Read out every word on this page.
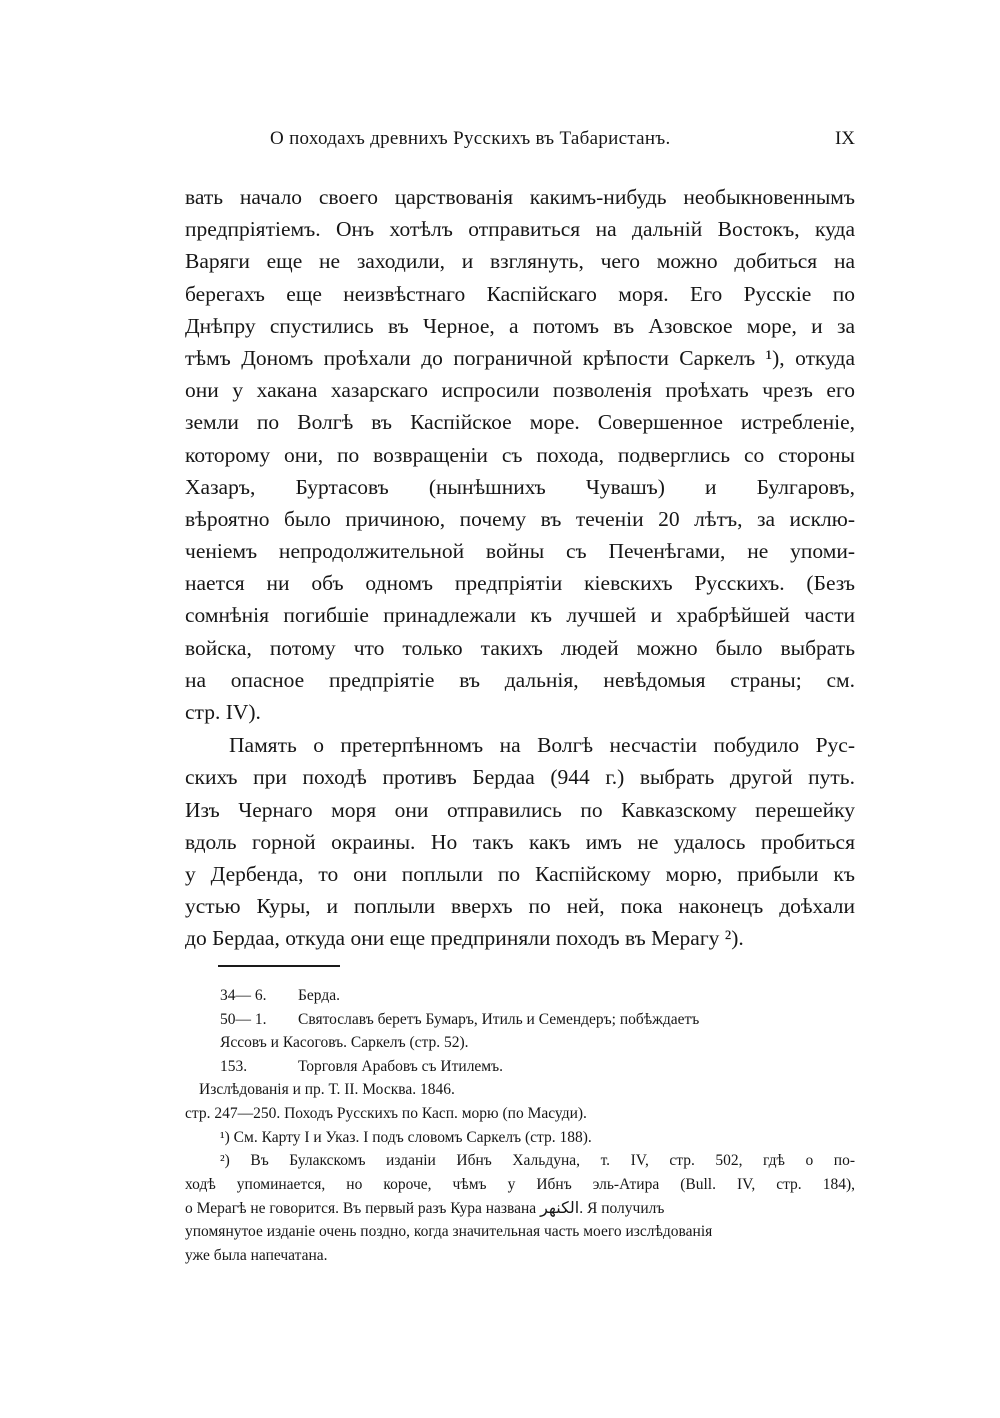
О походахъ древнихъ Русскихъ въ Табаристанъ.	IX
вать начало своего царствованія какимъ-нибудь необыкновеннымъ
предпріятіемъ. Онъ хотѣлъ отправиться на дальній Востокъ, куда
Варяги еще не заходили, и взглянуть, чего можно добиться на
берегахъ еще неизвѣстнаго Каспійскаго моря. Его Русскіе по
Днѣпру спустились въ Черное, а потомъ въ Азовское море, и за
тѣмъ Дономъ проѣхали до пограничной крѣпости Саркелъ ¹), откуда
они у хакана хазарскаго испросили позволенія проѣхать чрезъ его
земли по Волгѣ въ Каспійское море. Совершенное истребленіе,
которому они, по возвращеніи съ похода, подверглись со стороны
Хазаръ, Буртасовъ (нынѣшнихъ Чувашъ) и Булгаровъ,
вѣроятно было причиною, почему въ теченіи 20 лѣтъ, за исклю-
ченіемъ непродолжительной войны съ Печенѣгами, не упоми-
нается ни объ одномъ предпріятіи кіевскихъ Русскихъ. (Безъ
сомнѣнія погибшіе принадлежали къ лучшей и храбрѣйшей части
войска, потому что только такихъ людей можно было выбрать
на опасное предпріятіе въ дальнія, невѣдомыя страны; см.
стр. IV).
Память о претерпѣнномъ на Волгѣ несчастіи побудило Рус-
скихъ при походѣ противъ Бердаа (944 г.) выбрать другой путь.
Изъ Чернаго моря они отправились по Кавказскому перешейку
вдоль горной окраины. Но такъ какъ имъ не удалось пробиться
у Дербенда, то они поплыли по Каспійскому морю, прибыли къ
устью Куры, и поплыли вверхъ по ней, пока наконецъ доѣхали
до Бердаа, откуда они еще предприняли походъ въ Мерагу ²).
34— 6. Берда.
50— 1. Святославъ беретъ Бумаръ, Итиль и Семендеръ; побѣждаетъ
Яссовъ и Касоговъ. Саркелъ (стр. 52).
153.	Торговля Арабовъ съ Итилемъ.
Изслѣдованія и пр. Т. II. Москва. 1846.
стр. 247—250. Походъ Русскихъ по Касп. морю (по Масуди).
¹) См. Карту I и Указ. I подъ словомъ Саркелъ (стр. 188).
²) Въ Булакскомъ изданіи Ибнъ Хальдуна, т. IV, стр. 502, гдѣ о по-
ходѣ упоминается, но короче, чѣмъ у Ибнъ эль-Атира (Bull. IV, стр. 184),
о Мерагѣ не говорится. Въ первый разъ Кура названа الكنهر. Я получилъ
упомянутое изданіе очень поздно, когда значительная часть моего изслѣдованія
уже была напечатана.
